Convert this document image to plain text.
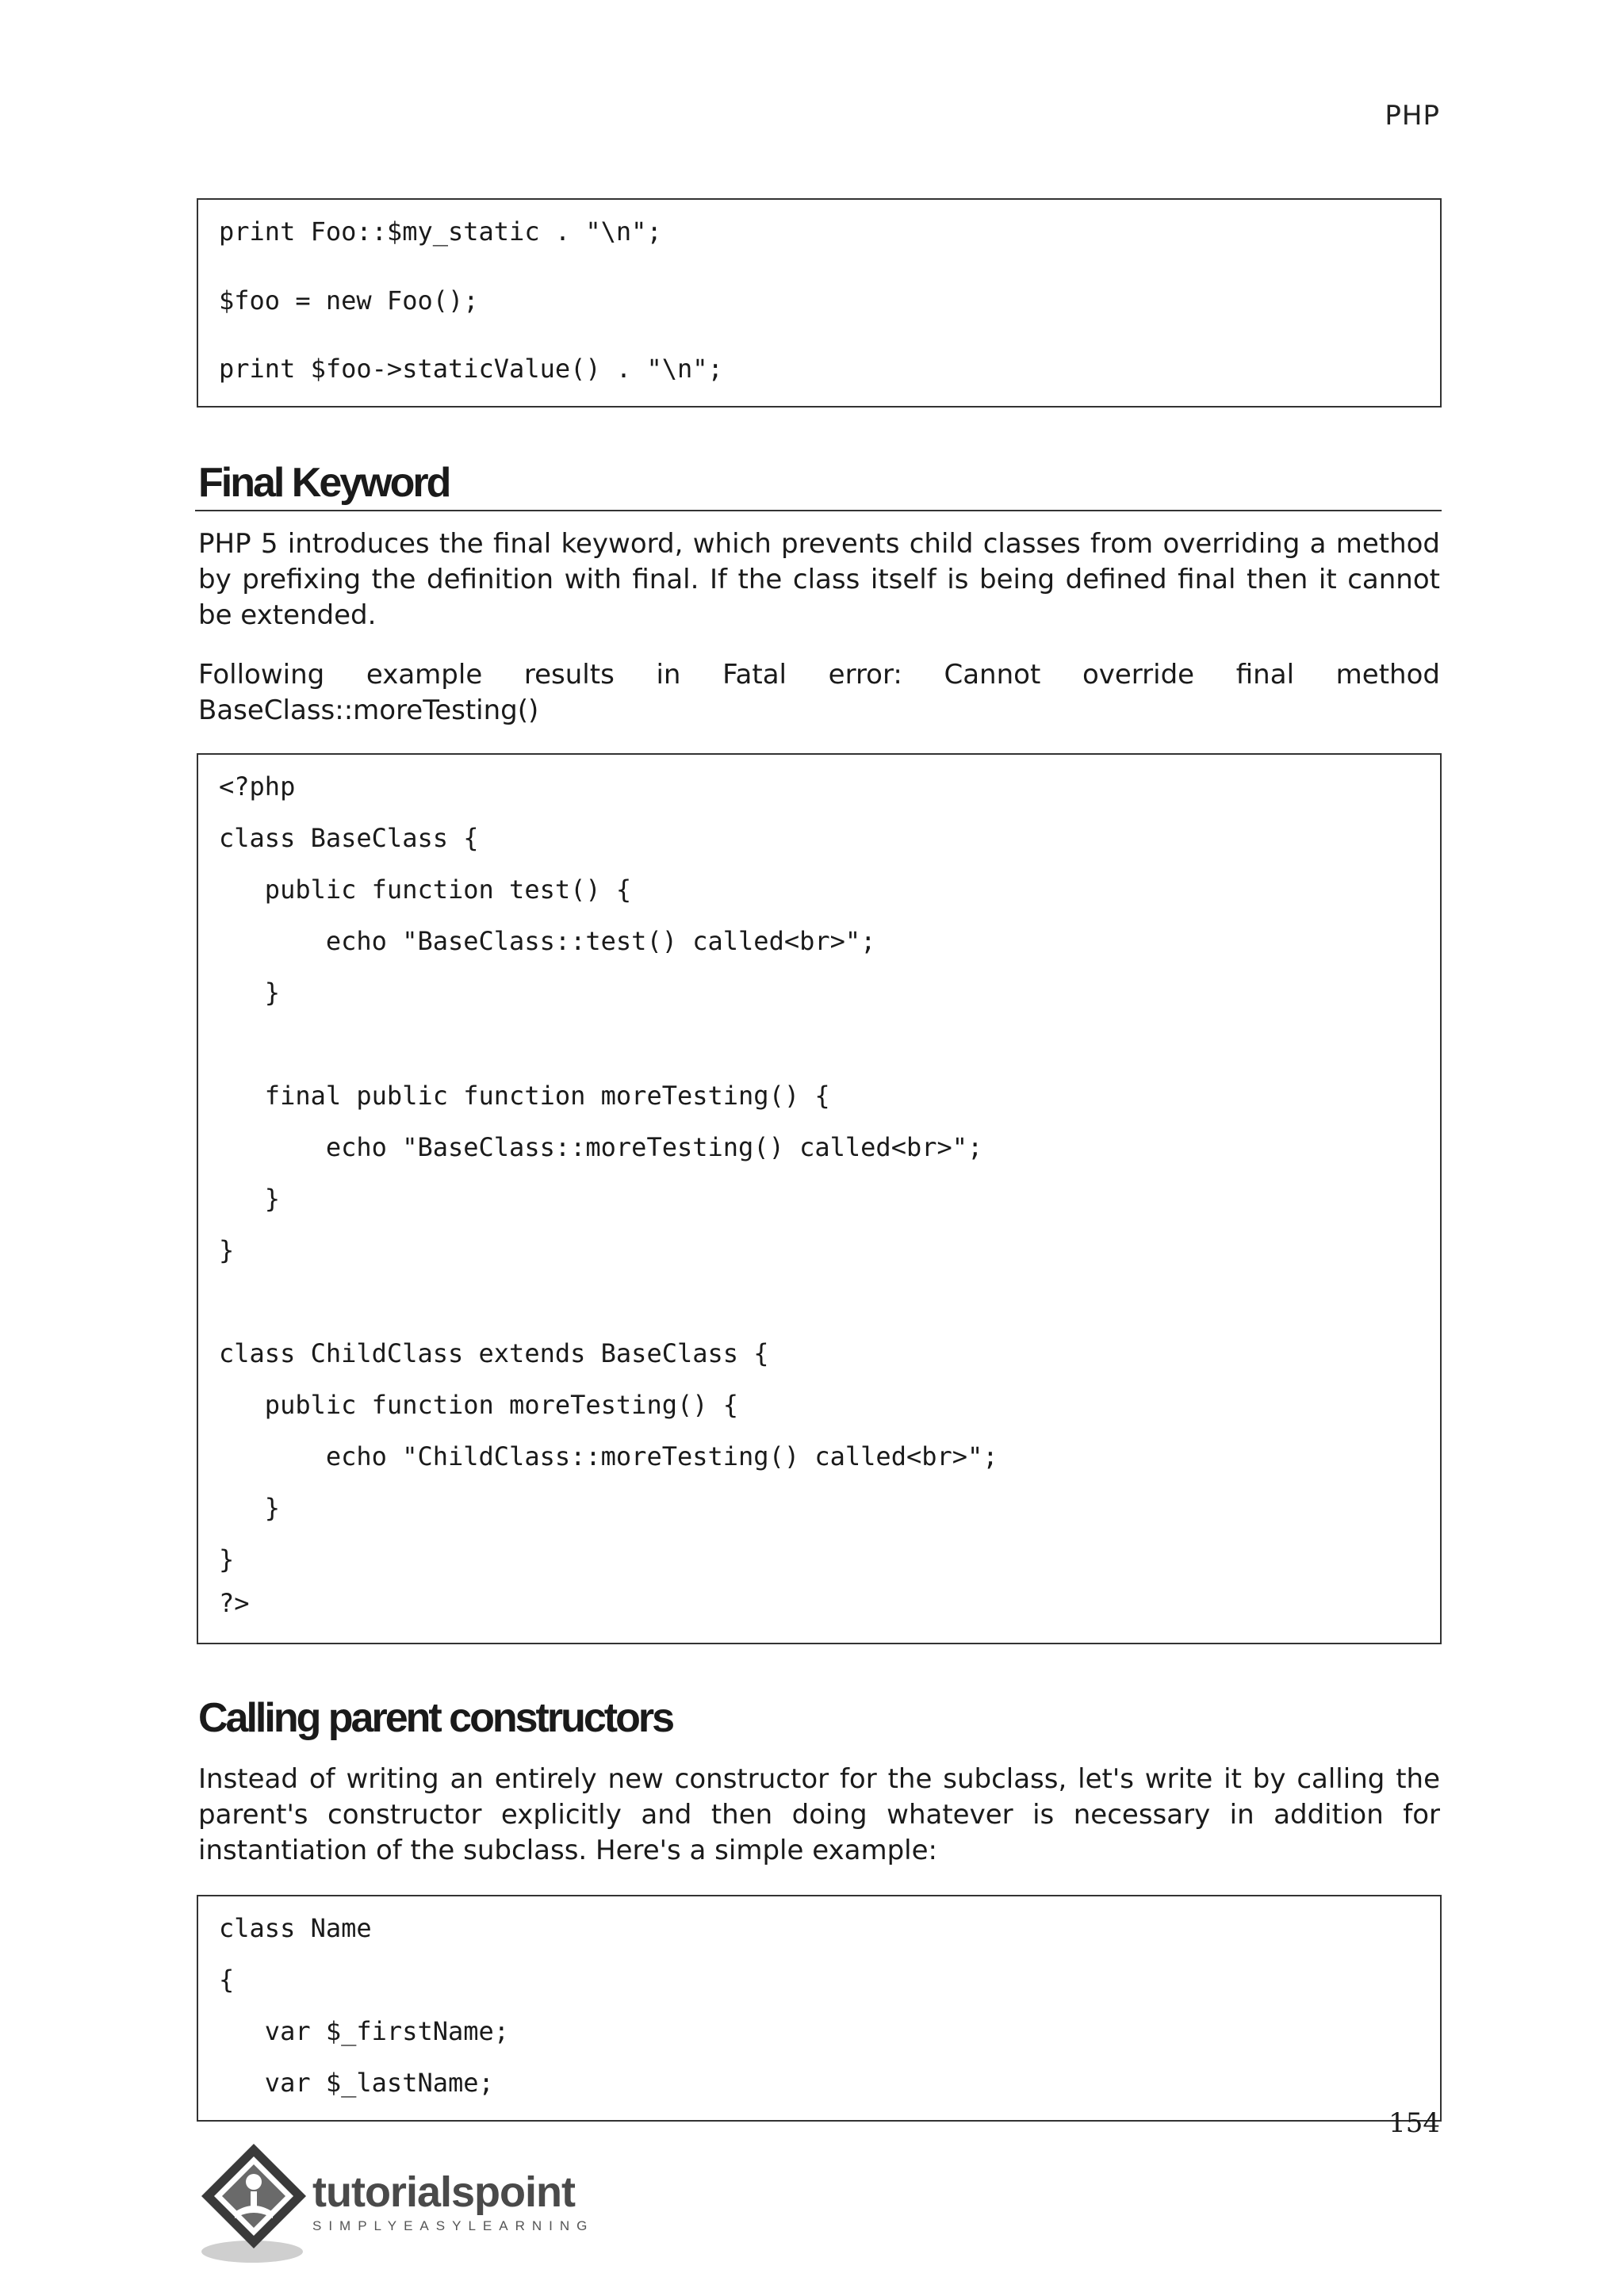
PHP
print Foo::$my_static . "\n";
$foo = new Foo();
print $foo->staticValue() . "\n";
Final Keyword
PHP 5 introduces the final keyword, which prevents child classes from overriding a method by prefixing the definition with final. If the class itself is being defined final then it cannot be extended.
Following example results in Fatal error: Cannot override final method
BaseClass::moreTesting()
<?php
class BaseClass {
public function test() {
echo "BaseClass::test() called<br>";
}
final public function moreTesting() {
echo "BaseClass::moreTesting() called<br>";
}
}
class ChildClass extends BaseClass {
public function moreTesting() {
echo "ChildClass::moreTesting() called<br>";
}
}
?>
Calling parent constructors
Instead of writing an entirely new constructor for the subclass, let's write it by calling the parent's constructor explicitly and then doing whatever is necessary in addition for instantiation of the subclass. Here's a simple example:
class Name
{
var $_firstName;
var $_lastName;
154
tutorialspoint
SIMPLYEASYLEARNING
